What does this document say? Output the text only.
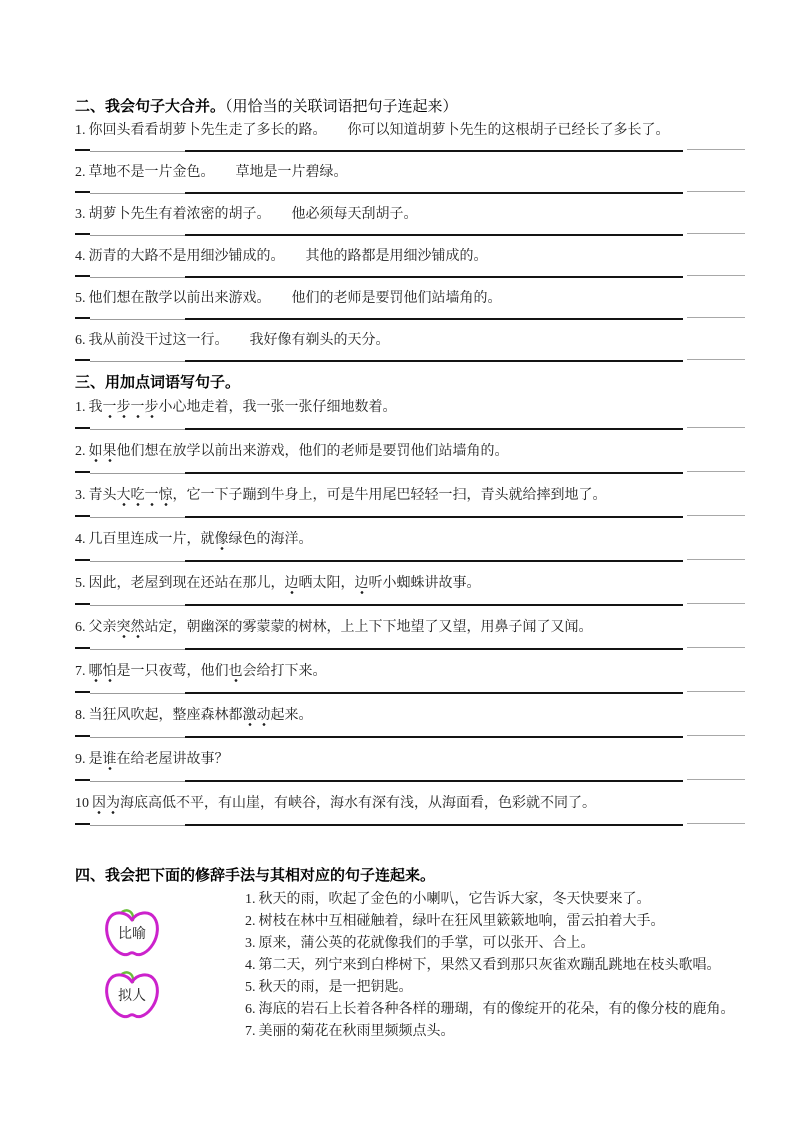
二、我会句子大合并。（用恰当的关联词语把句子连起来）
1. 你回头看看胡萝卜先生走了多长的路。　　你可以知道胡萝卜先生的这根胡子已经长了多长了。
2. 草地不是一片金色。　　草地是一片碧绿。
3. 胡萝卜先生有着浓密的胡子。　　他必须每天刮胡子。
4. 沥青的大路不是用细沙铺成的。　　其他的路都是用细沙铺成的。
5. 他们想在散学以前出来游戏。　　他们的老师是要罚他们站墙角的。
6. 我从前没干过这一行。　　我好像有剃头的天分。
三、用加点词语写句子。
1. 我一步一步小心地走着，我一张一张仔细地数着。
2. 如果他们想在放学以前出来游戏，他们的老师是要罚他们站墙角的。
3. 青头大吃一惊，它一下子蹦到牛身上，可是牛用尾巴轻轻一扫，青头就给摔到地了。
4. 几百里连成一片，就像绿色的海洋。
5. 因此，老屋到现在还站在那儿，边晒太阳，边听小蜘蛛讲故事。
6. 父亲突然站定，朝幽深的雾蒙蒙的树林，上上下下地望了又望，用鼻子闻了又闻。
7. 哪怕是一只夜莺，他们也会给打下来。
8. 当狂风吹起，整座森林都激动起来。
9. 是谁在给老屋讲故事？
10 因为海底高低不平，有山崖，有峡谷，海水有深有浅，从海面看，色彩就不同了。
四、我会把下面的修辞手法与其相对应的句子连起来。
比喻
拟人
1. 秋天的雨，吹起了金色的小喇叭，它告诉大家，冬天快要来了。
2. 树枝在林中互相碰触着，绿叶在狂风里簌簌地响，雷云拍着大手。
3. 原来，蒲公英的花就像我们的手掌，可以张开、合上。
4. 第二天，列宁来到白桦树下，果然又看到那只灰雀欢蹦乱跳地在枝头歌唱。
5. 秋天的雨，是一把钥匙。
6. 海底的岩石上长着各种各样的珊瑚，有的像绽开的花朵，有的像分枝的鹿角。
7. 美丽的菊花在秋雨里频频点头。
